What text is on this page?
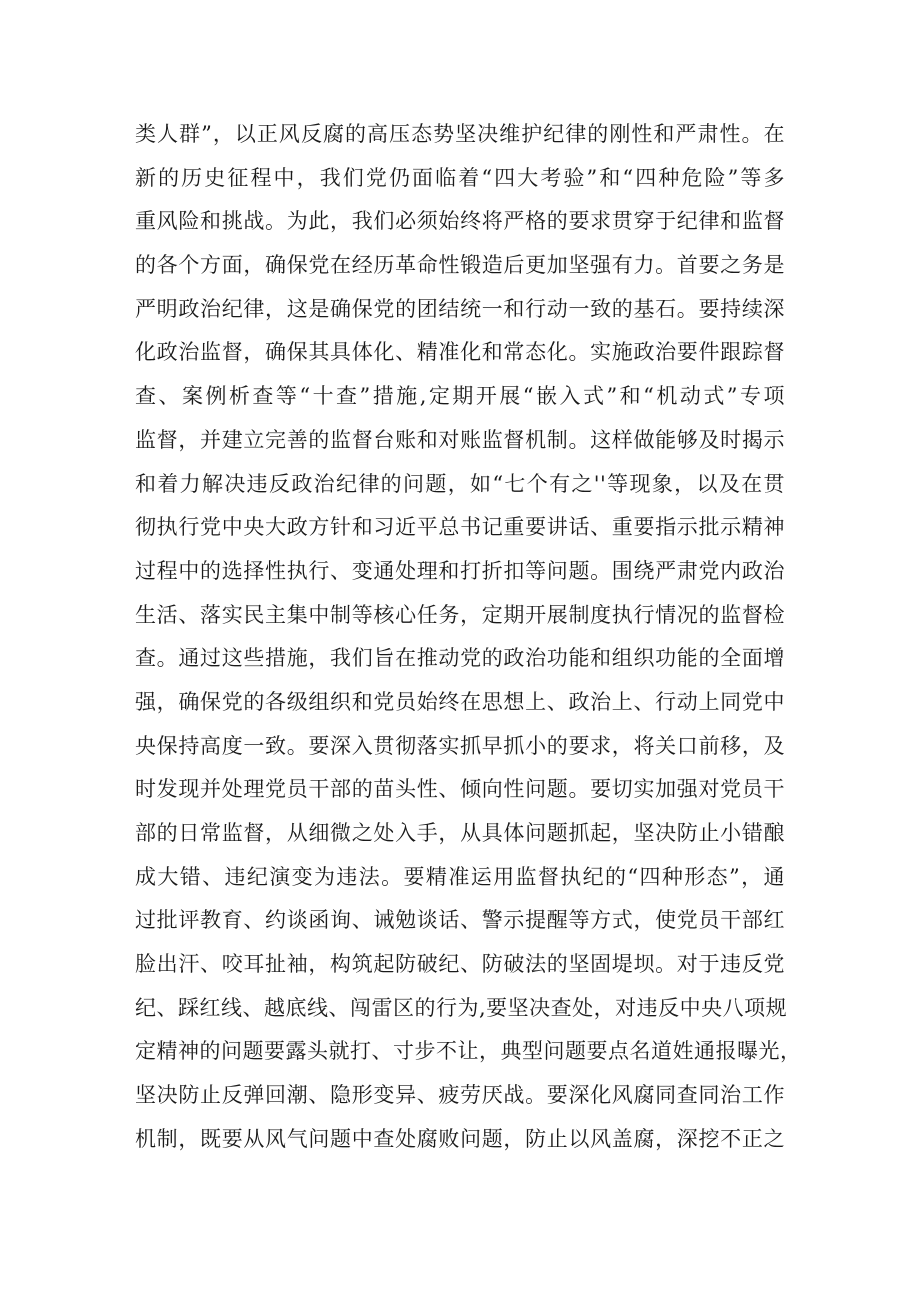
类人群”，以正风反腐的高压态势坚决维护纪律的刚性和严肃性。在
新的历史征程中，我们党仍面临着“四大考验”和“四种危险”等多
重风险和挑战。为此，我们必须始终将严格的要求贯穿于纪律和监督
的各个方面，确保党在经历革命性锻造后更加坚强有力。首要之务是
严明政治纪律，这是确保党的团结统一和行动一致的基石。要持续深
化政治监督，确保其具体化、精准化和常态化。实施政治要件跟踪督
查、案例析查等“十查”措施,定期开展“嵌入式”和“机动式”专项
监督，并建立完善的监督台账和对账监督机制。这样做能够及时揭示
和着力解决违反政治纪律的问题，如“七个有之''等现象，以及在贯
彻执行党中央大政方针和习近平总书记重要讲话、重要指示批示精神
过程中的选择性执行、变通处理和打折扣等问题。围绕严肃党内政治
生活、落实民主集中制等核心任务，定期开展制度执行情况的监督检
查。通过这些措施，我们旨在推动党的政治功能和组织功能的全面增
强，确保党的各级组织和党员始终在思想上、政治上、行动上同党中
央保持高度一致。要深入贯彻落实抓早抓小的要求，将关口前移，及
时发现并处理党员干部的苗头性、倾向性问题。要切实加强对党员干
部的日常监督，从细微之处入手，从具体问题抓起，坚决防止小错酿
成大错、违纪演变为违法。要精准运用监督执纪的“四种形态”，通
过批评教育、约谈函询、诫勉谈话、警示提醒等方式，使党员干部红
脸出汗、咬耳扯袖，构筑起防破纪、防破法的坚固堤坝。对于违反党
纪、踩红线、越底线、闯雷区的行为,要坚决查处，对违反中央八项规
定精神的问题要露头就打、寸步不让，典型问题要点名道姓通报曝光，
坚决防止反弹回潮、隐形变异、疲劳厌战。要深化风腐同查同治工作
机制，既要从风气问题中查处腐败问题，防止以风盖腐，深挖不正之
